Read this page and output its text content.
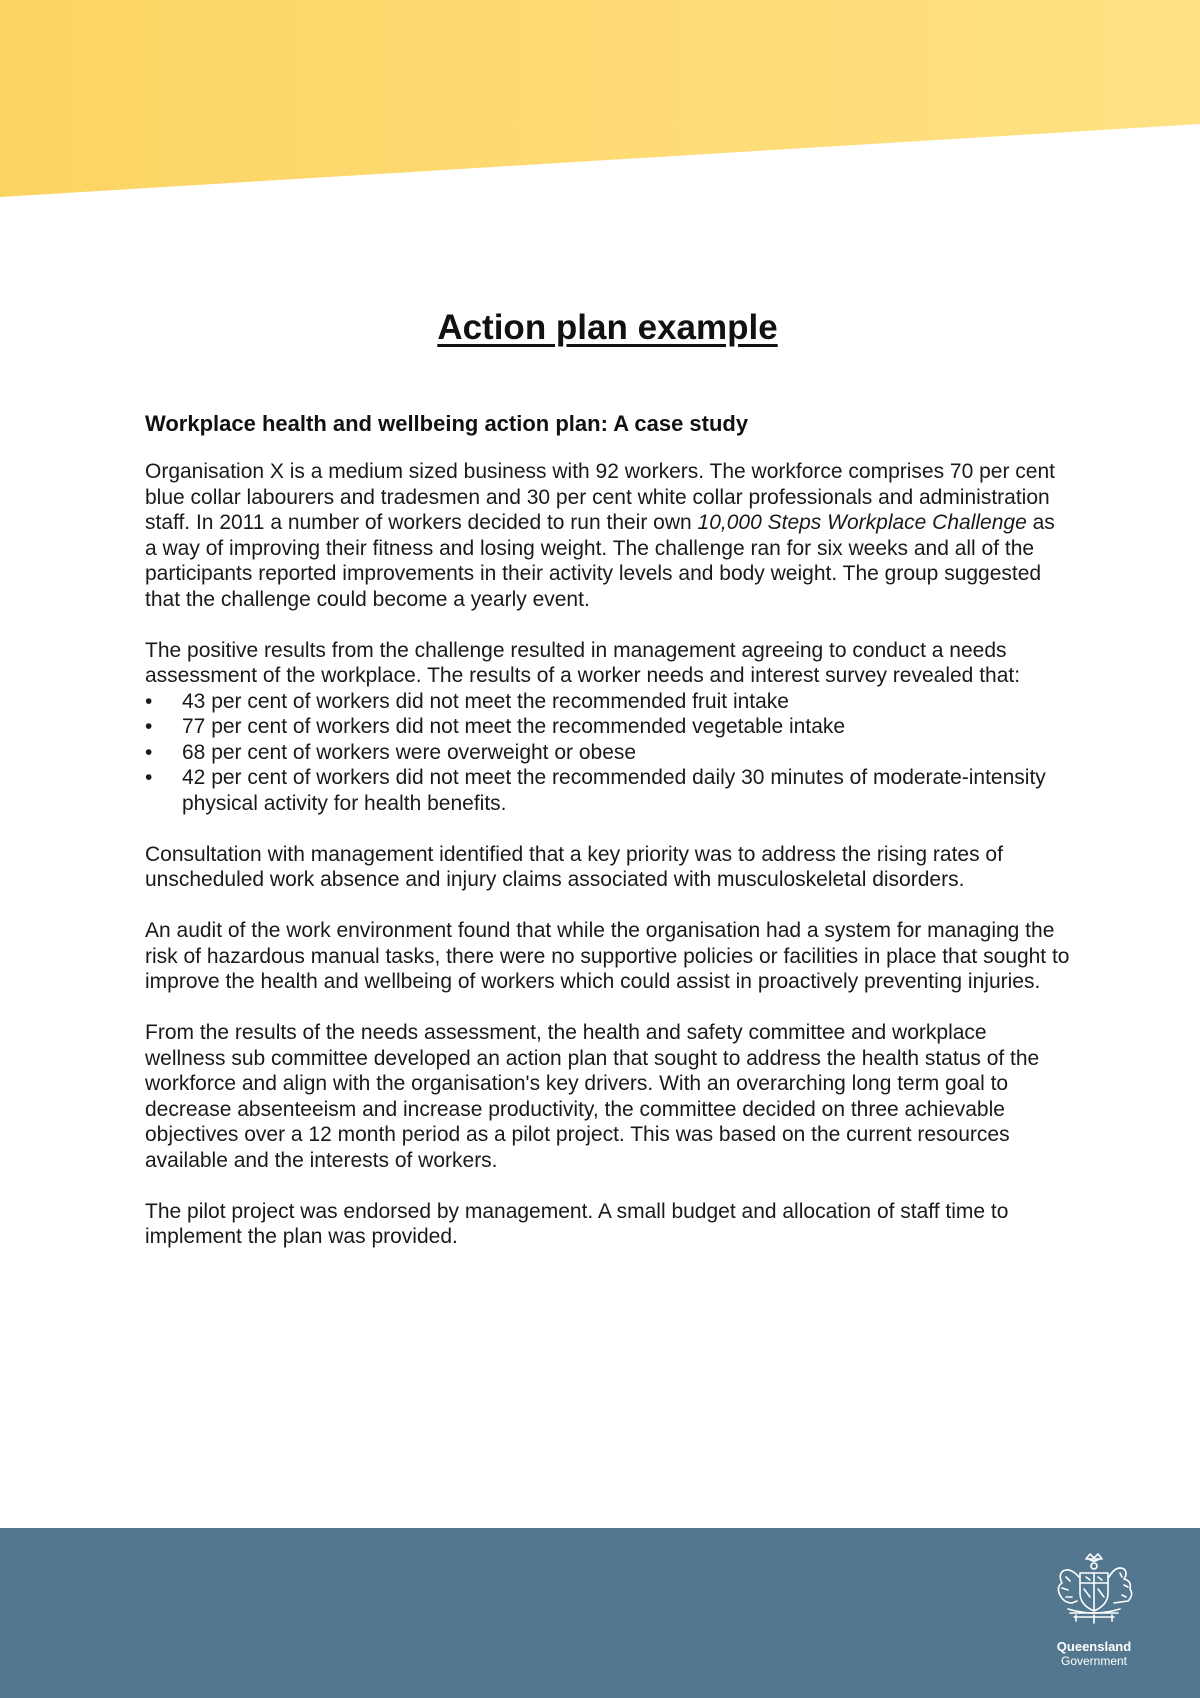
Action plan example
Workplace health and wellbeing action plan: A case study

Organisation X is a medium sized business with 92 workers. The workforce comprises 70 per cent blue collar labourers and tradesmen and 30 per cent white collar professionals and administration staff. In 2011 a number of workers decided to run their own 10,000 Steps Workplace Challenge as a way of improving their fitness and losing weight. The challenge ran for six weeks and all of the participants reported improvements in their activity levels and body weight. The group suggested that the challenge could become a yearly event.

The positive results from the challenge resulted in management agreeing to conduct a needs assessment of the workplace. The results of a worker needs and interest survey revealed that:

• 43 per cent of workers did not meet the recommended fruit intake
• 77 per cent of workers did not meet the recommended vegetable intake
• 68 per cent of workers were overweight or obese
• 42 per cent of workers did not meet the recommended daily 30 minutes of moderate-intensity physical activity for health benefits.

Consultation with management identified that a key priority was to address the rising rates of unscheduled work absence and injury claims associated with musculoskeletal disorders.

An audit of the work environment found that while the organisation had a system for managing the risk of hazardous manual tasks, there were no supportive policies or facilities in place that sought to improve the health and wellbeing of workers which could assist in proactively preventing injuries.

From the results of the needs assessment, the health and safety committee and workplace wellness sub committee developed an action plan that sought to address the health status of the workforce and align with the organisation's key drivers. With an overarching long term goal to decrease absenteeism and increase productivity, the committee decided on three achievable objectives over a 12 month period as a pilot project. This was based on the current resources available and the interests of workers.

The pilot project was endorsed by management. A small budget and allocation of staff time to implement the plan was provided.

Queensland
Government
